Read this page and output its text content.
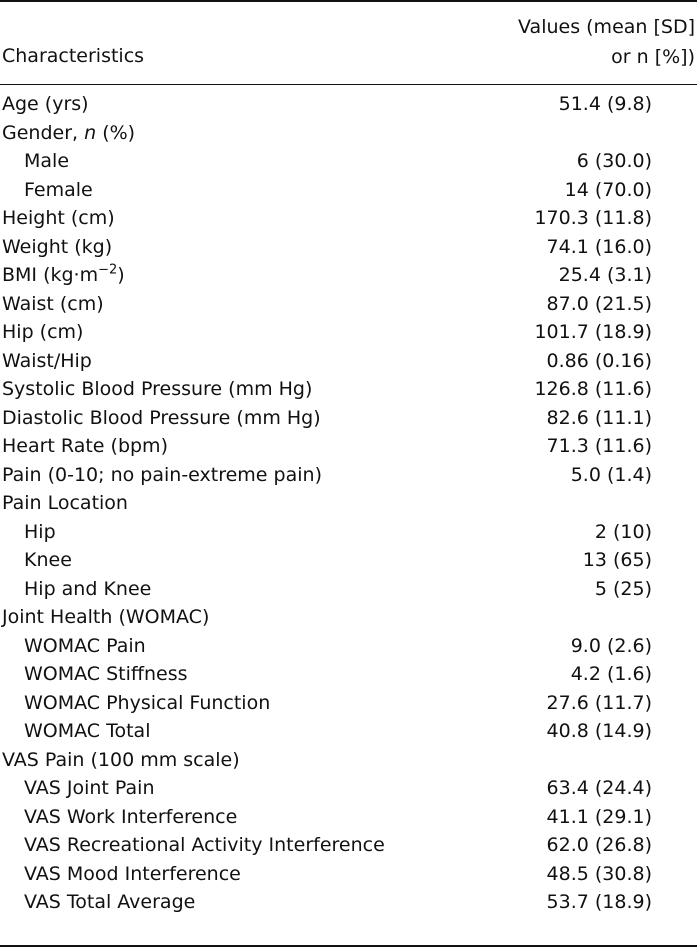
Characteristics
Values (mean [SD]
or n [%])
Age (yrs)	51.4 (9.8)
Gender, n (%)
Male	6 (30.0)
Female	14 (70.0)
Height (cm)	170.3 (11.8)
Weight (kg)	74.1 (16.0)
BMI $(kg\cdot m^{-2})$	25.4 (3.1)
Waist (cm)	87.0 (21.5)
Hip (cm)	101.7 (18.9)
Waist/Hip	0.86 (0.16)
Systolic Blood Pressure (mm Hg)	126.8 (11.6)
Diastolic Blood Pressure (mm Hg)	82.6 (11.1)
Heart Rate (bpm)	71.3 (11.6)
Pain (0-10; no pain-extreme pain)	5.0 (1.4)
Pain Location
Hip	2 (10)
Knee	13 (65)
Hip and Knee	5 (25)
Joint Health (WOMAC)
WOMAC Pain	9.0 (2.6)
WOMAC Stiffness	4.2 (1.6)
WOMAC Physical Function	27.6 (11.7)
WOMAC Total	40.8 (14.9)
VAS Pain (100 mm scale)
VAS Joint Pain	63.4 (24.4)
VAS Work Interference	41.1 (29.1)
VAS Recreational Activity Interference	62.0 (26.8)
VAS Mood Interference	48.5 (30.8)
VAS Total Average	53.7 (18.9)
